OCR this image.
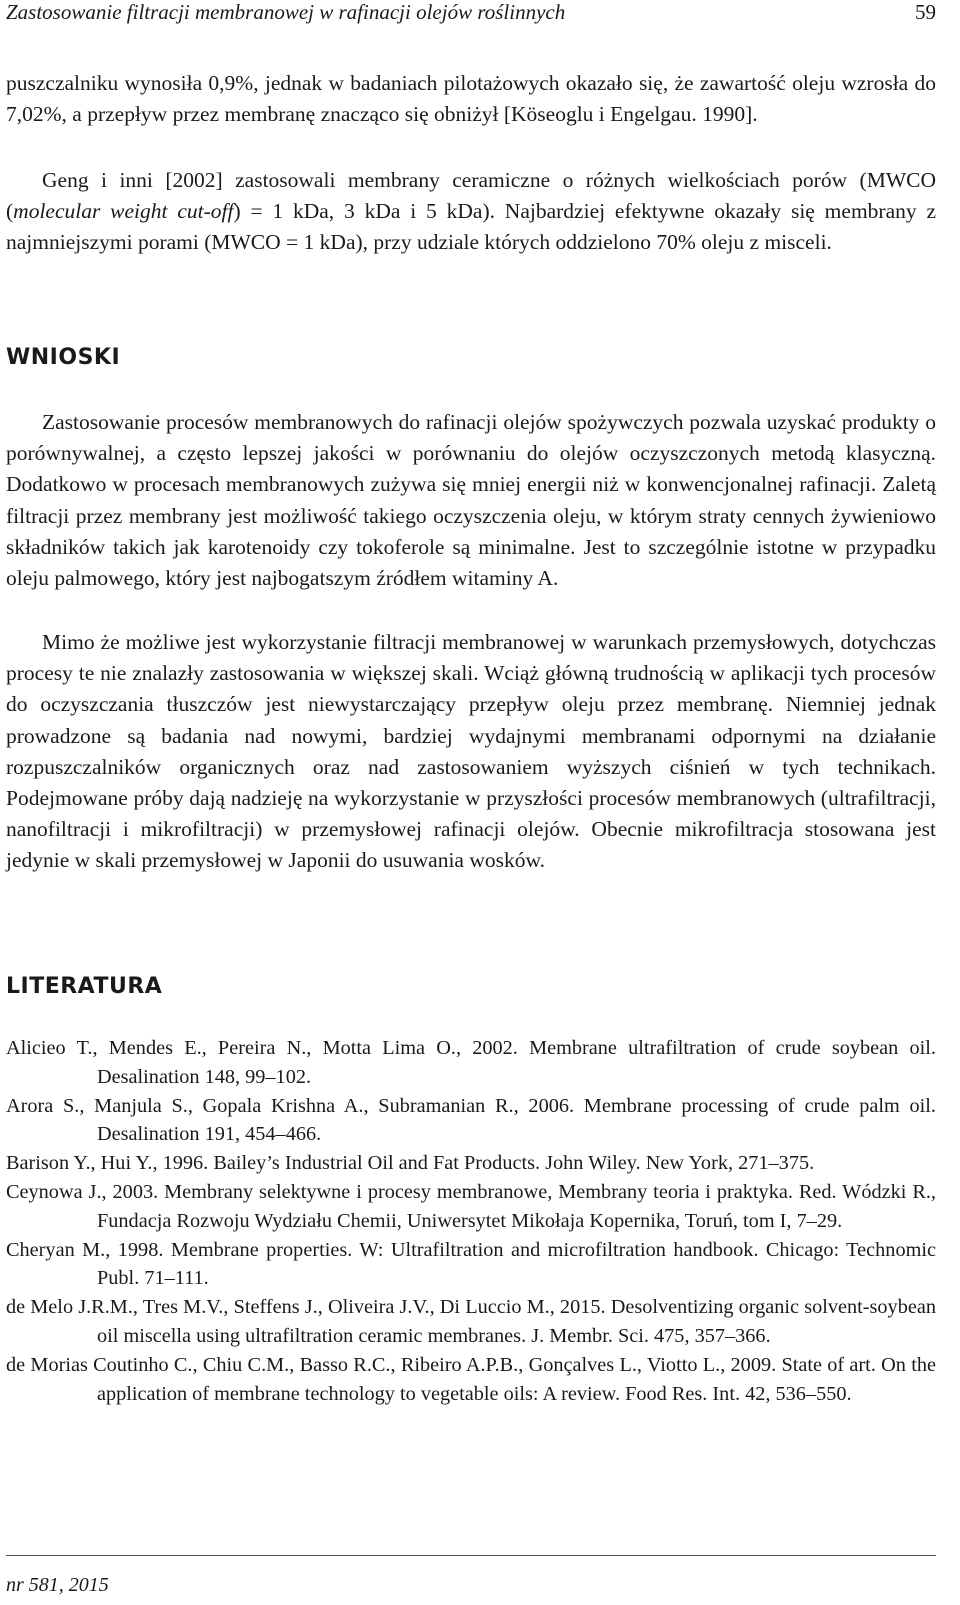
Zastosowanie filtracji membranowej w rafinacji olejów roślinnych	59

puszczalniku wynosiła 0,9%, jednak w badaniach pilotażowych okazało się, że zawartość oleju wzrosła do 7,02%, a przepływ przez membranę znacząco się obniżył [Köseoglu i Engelgau. 1990].

Geng i inni [2002] zastosowali membrany ceramiczne o różnych wielkościach porów (MWCO (molecular weight cut-off) = 1 kDa, 3 kDa i 5 kDa). Najbardziej efektywne okazały się membrany z najmniejszymi porami (MWCO = 1 kDa), przy udziale których oddzielono 70% oleju z misceli.

WNIOSKI

Zastosowanie procesów membranowych do rafinacji olejów spożywczych pozwala uzyskać produkty o porównywalnej, a często lepszej jakości w porównaniu do olejów oczyszczonych metodą klasyczną. Dodatkowo w procesach membranowych zużywa się mniej energii niż w konwencjonalnej rafinacji. Zaletą filtracji przez membrany jest możliwość takiego oczyszczenia oleju, w którym straty cennych żywieniowo składników takich jak karotenoidy czy tokoferole są minimalne. Jest to szczególnie istotne w przypadku oleju palmowego, który jest najbogatszym źródłem witaminy A.

Mimo że możliwe jest wykorzystanie filtracji membranowej w warunkach przemysłowych, dotychczas procesy te nie znalazły zastosowania w większej skali. Wciąż główną trudnością w aplikacji tych procesów do oczyszczania tłuszczów jest niewystarczający przepływ oleju przez membranę. Niemniej jednak prowadzone są badania nad nowymi, bardziej wydajnymi membranami odpornymi na działanie rozpuszczalników organicznych oraz nad zastosowaniem wyższych ciśnień w tych technikach. Podejmowane próby dają nadzieję na wykorzystanie w przyszłości procesów membranowych (ultrafiltracji, nanofiltracji i mikrofiltracji) w przemysłowej rafinacji olejów. Obecnie mikrofiltracja stosowana jest jedynie w skali przemysłowej w Japonii do usuwania wosków.

LITERATURA
Alicieo T., Mendes E., Pereira N., Motta Lima O., 2002. Membrane ultrafiltration of crude soybean oil. Desalination 148, 99–102.
Arora S., Manjula S., Gopala Krishna A., Subramanian R., 2006. Membrane processing of crude palm oil. Desalination 191, 454–466.
Barison Y., Hui Y., 1996. Bailey’s Industrial Oil and Fat Products. John Wiley. New York, 271–375.
Ceynowa J., 2003. Membrany selektywne i procesy membranowe, Membrany teoria i praktyka. Red. Wódzki R., Fundacja Rozwoju Wydziału Chemii, Uniwersytet Mikołaja Kopernika, Toruń, tom I, 7–29.
Cheryan M., 1998. Membrane properties. W: Ultrafiltration and microfiltration handbook. Chicago: Technomic Publ. 71–111.
de Melo J.R.M., Tres M.V., Steffens J., Oliveira J.V., Di Luccio M., 2015. Desolventizing organic solvent-soybean oil miscella using ultrafiltration ceramic membranes. J. Membr. Sci. 475, 357–366.
de Morias Coutinho C., Chiu C.M., Basso R.C., Ribeiro A.P.B., Gonçalves L., Viotto L., 2009. State of art. On the application of membrane technology to vegetable oils: A review. Food Res. Int. 42, 536–550.
nr 581, 2015
